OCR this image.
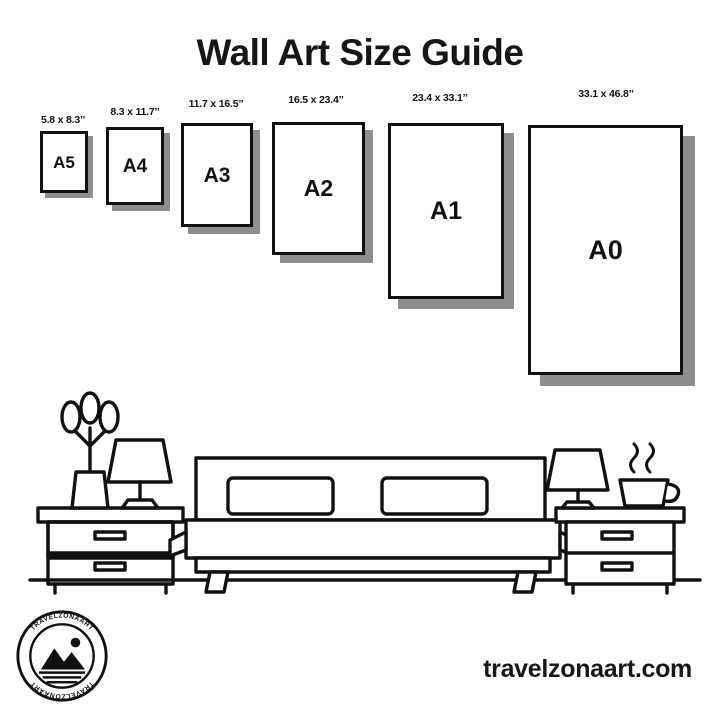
Wall Art Size Guide
5.8 x 8.3’’
A5
8.3 x 11.7’’
A4
11.7 x 16.5’’
A3
16.5 x 23.4’’
A2
23.4 x 33.1’’
A1
33.1 x 46.8’’
A0
travelzonaart.com
TRAVELZONAART
TRAVELZONAART
